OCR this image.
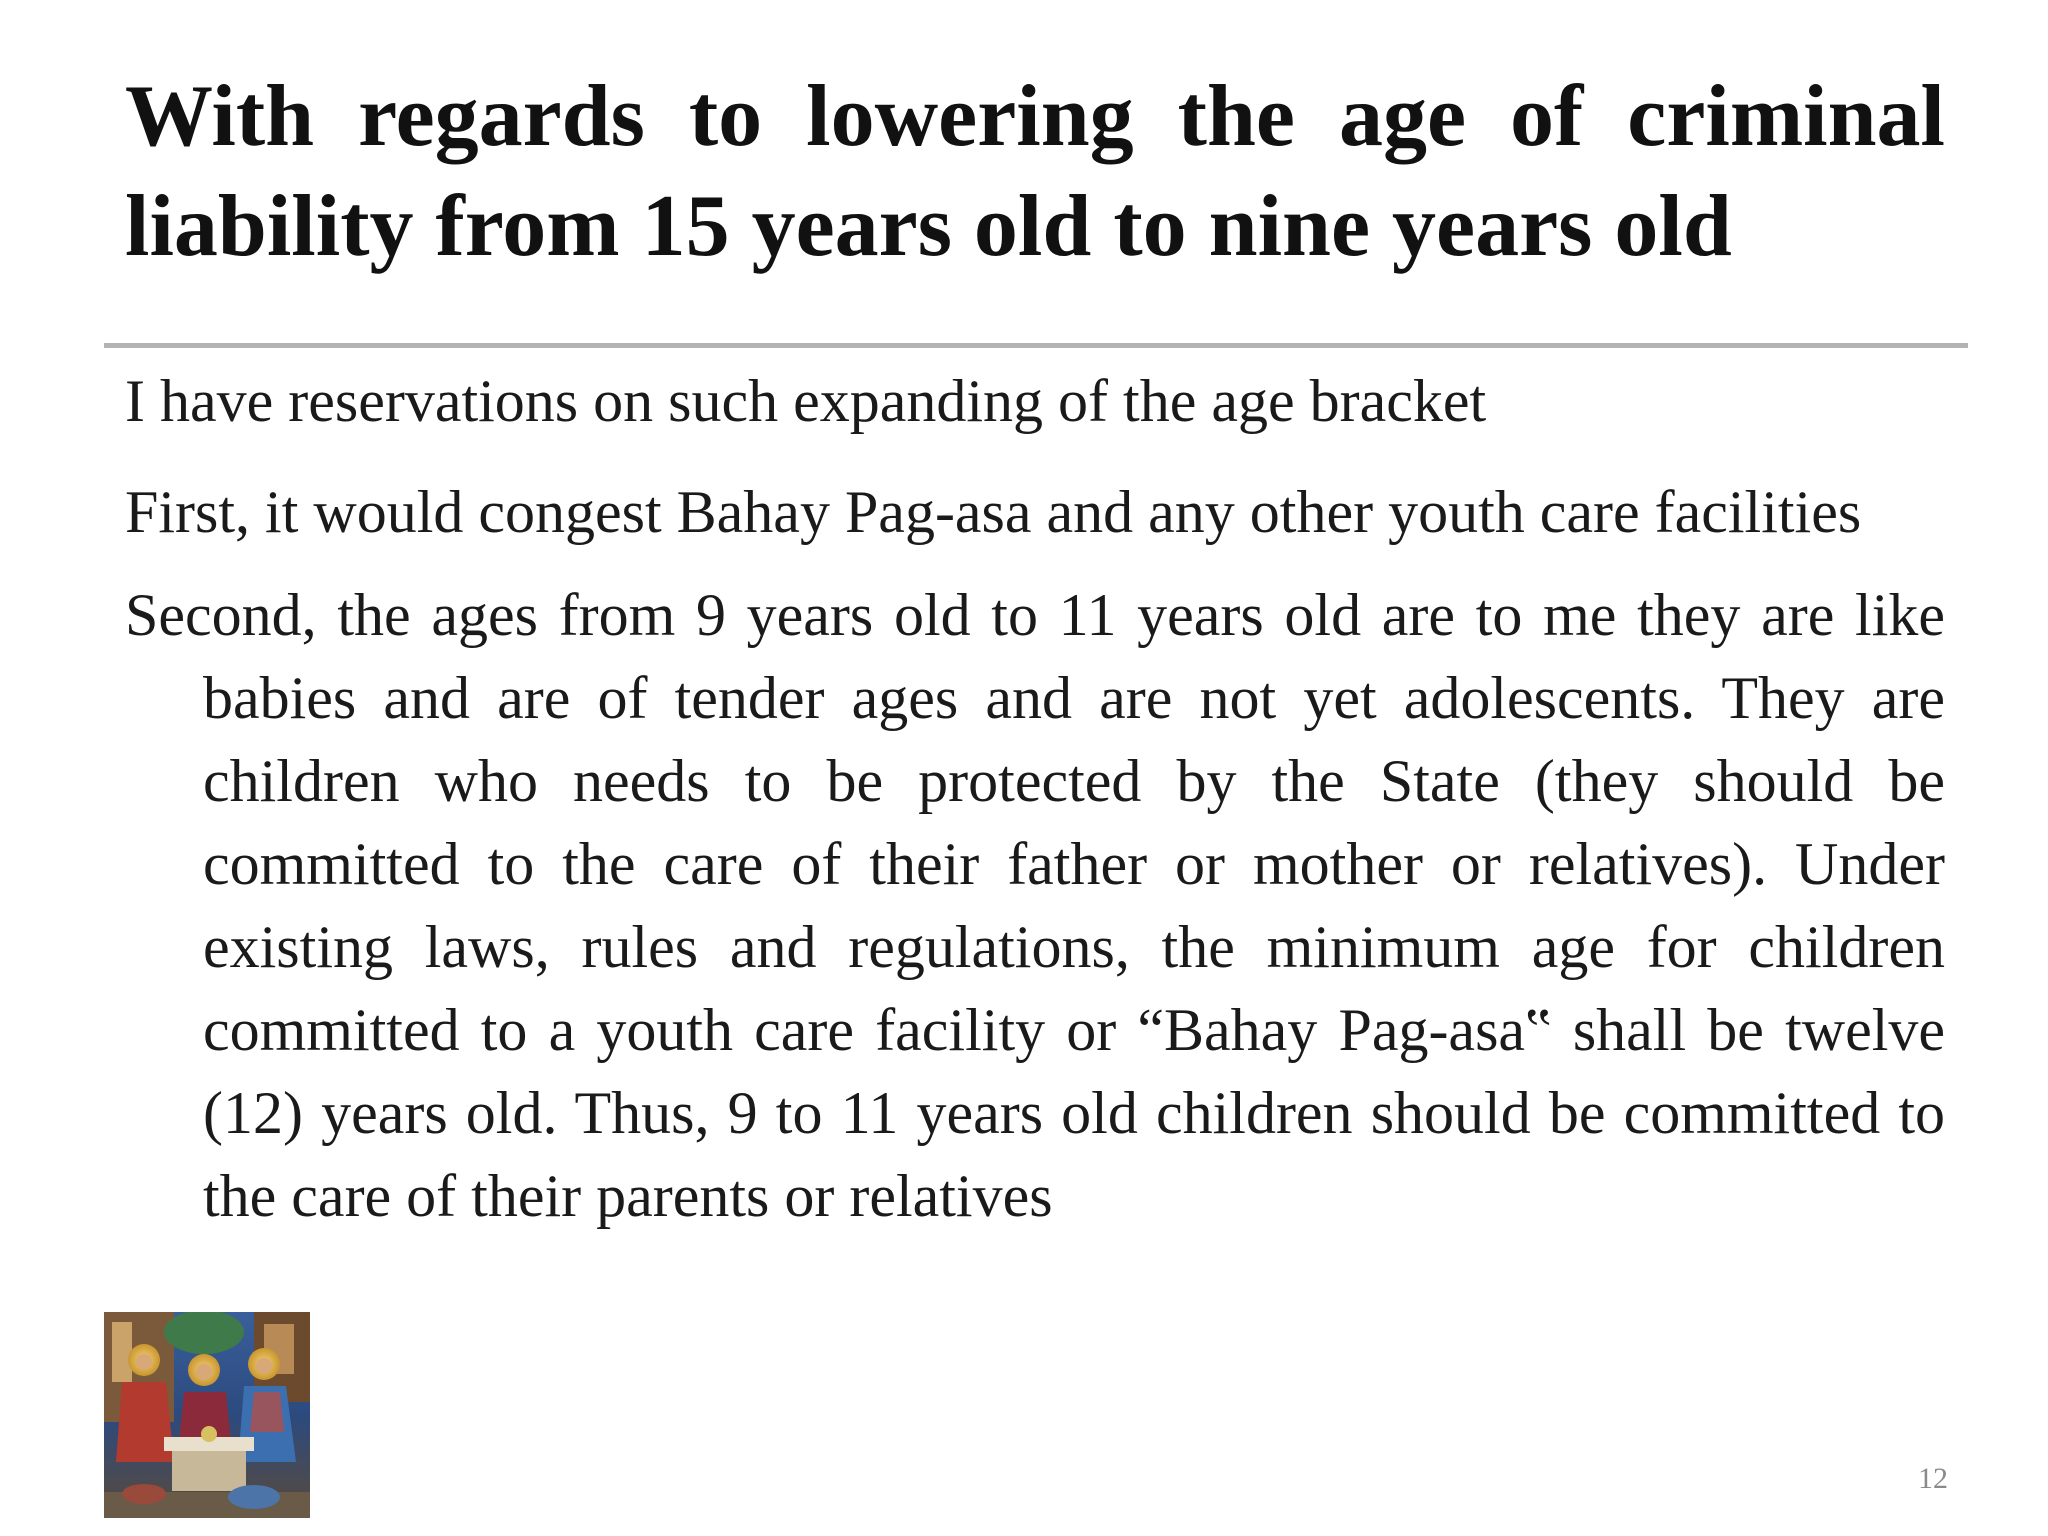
With regards to lowering the age of criminal liability from 15 years old to nine years old

I have reservations on such expanding of the age bracket

First, it would congest Bahay Pag-asa and any other youth care facilities

Second, the ages from 9 years old to 11 years old are to me they are like babies and are of tender ages and are not yet adolescents. They are children who needs to be protected by the State (they should be committed to the care of their father or mother or relatives). Under existing laws, rules and regulations, the minimum age for children committed to a youth care facility or “Bahay Pag-asa‟ shall be twelve (12) years old. Thus, 9 to 11 years old children should be committed to the care of their parents or relatives

12
